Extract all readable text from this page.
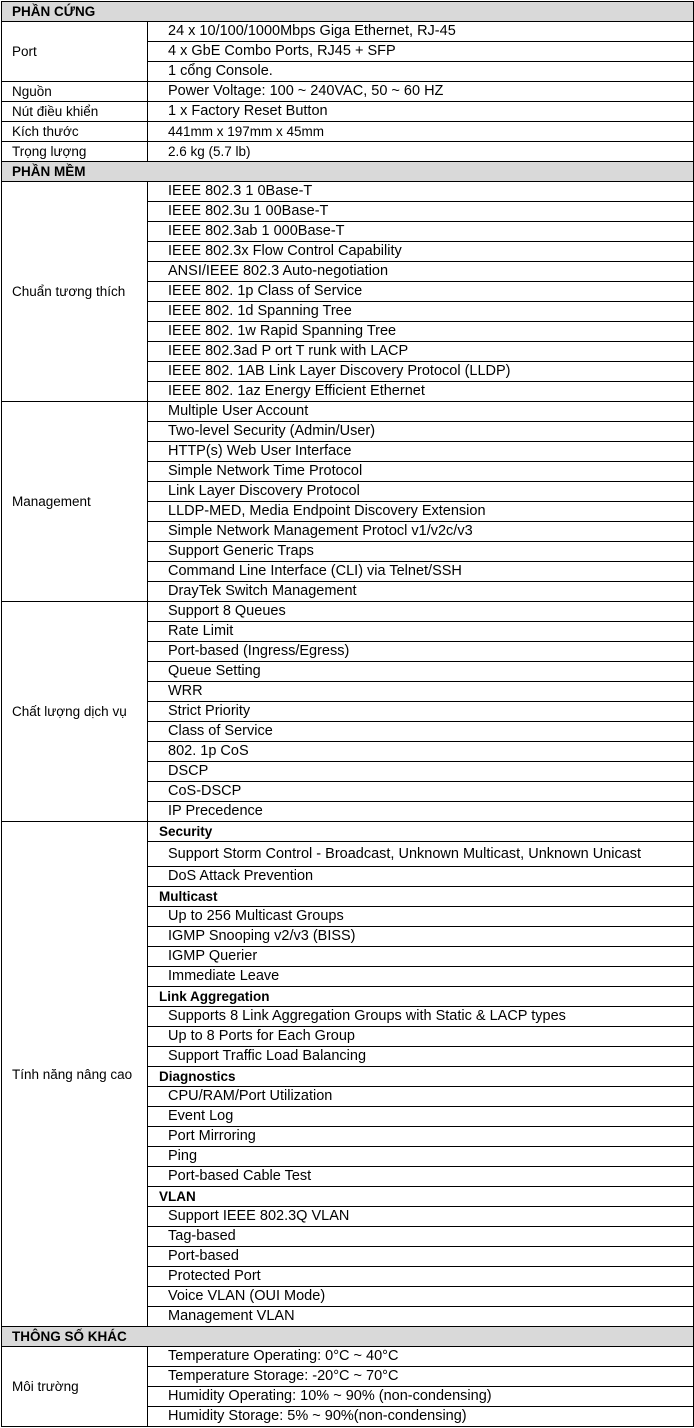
PHẦN CỨNG	
Port	24 x 10/100/1000Mbps Giga Ethernet, RJ-45
	4 x GbE Combo Ports, RJ45 + SFP
	1 cổng Console.
Nguồn	Power Voltage: 100 ~ 240VAC, 50 ~ 60 HZ
Nút điều khiển	1 x Factory Reset Button
Kích thước	441mm x 197mm x 45mm
Trọng lượng	2.6 kg (5.7 lb)
PHẦN MỀM	
Chuẩn tương thích	IEEE 802.3 1 0Base-T
	IEEE 802.3u 1 00Base-T
	IEEE 802.3ab 1 000Base-T
	IEEE 802.3x Flow Control Capability
	ANSI/IEEE 802.3 Auto-negotiation
	IEEE 802. 1p Class of Service
	IEEE 802. 1d Spanning Tree
	IEEE 802. 1w Rapid Spanning Tree
	IEEE 802.3ad P ort T runk with LACP
	IEEE 802. 1AB Link Layer Discovery Protocol (LLDP)
	IEEE 802. 1az Energy Efficient Ethernet
Management	Multiple User Account
	Two-level Security (Admin/User)
	HTTP(s) Web User Interface
	Simple Network Time Protocol
	Link Layer Discovery Protocol
	LLDP-MED, Media Endpoint Discovery Extension
	Simple Network Management Protocl v1/v2c/v3
	Support Generic Traps
	Command Line Interface (CLI) via Telnet/SSH
	DrayTek Switch Management
Chất lượng dịch vụ	Support 8 Queues
	Rate Limit
	Port-based (Ingress/Egress)
	Queue Setting
	WRR
	Strict Priority
	Class of Service
	802. 1p CoS
	DSCP
	CoS-DSCP
	IP Precedence
Tính năng nâng cao	Security
	Support Storm Control - Broadcast, Unknown Multicast, Unknown Unicast
	DoS Attack Prevention
	Multicast
	Up to 256 Multicast Groups
	IGMP Snooping v2/v3 (BISS)
	IGMP Querier
	Immediate Leave
	Link Aggregation
	Supports 8 Link Aggregation Groups with Static & LACP types
	Up to 8 Ports for Each Group
	Support Traffic Load Balancing
	Diagnostics
	CPU/RAM/Port Utilization
	Event Log
	Port Mirroring
	Ping
	Port-based Cable Test
	VLAN
	Support IEEE 802.3Q VLAN
	Tag-based
	Port-based
	Protected Port
	Voice VLAN (OUI Mode)
	Management VLAN
THÔNG SỐ KHÁC	
Môi trường	Temperature Operating: 0°C ~ 40°C
	Temperature Storage: -20°C ~ 70°C
	Humidity Operating: 10% ~ 90% (non-condensing)
	Humidity Storage: 5% ~ 90%(non-condensing)
